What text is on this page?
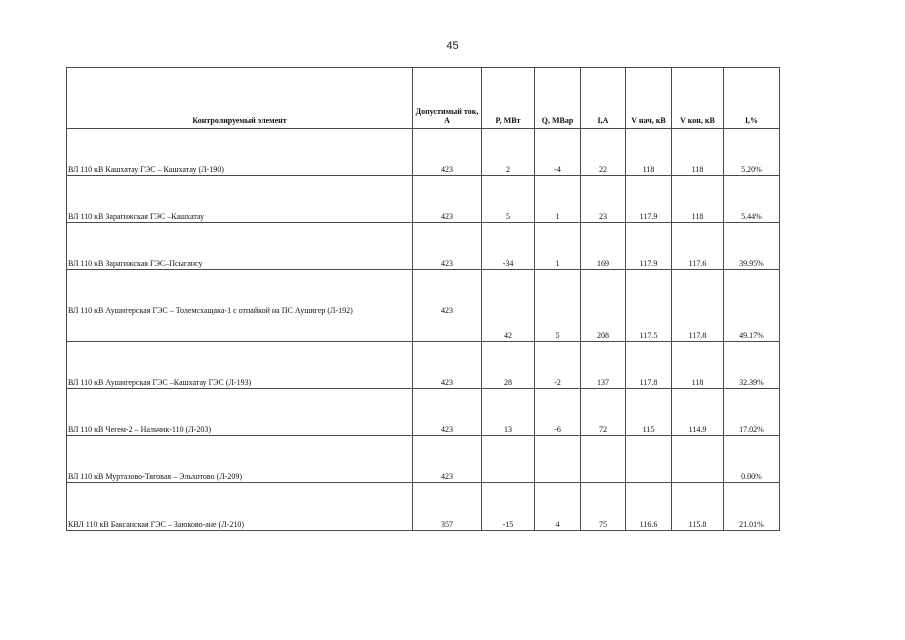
45
Контролируемый элемент	Допустимый ток, А	P, МВт	Q, МВар	I,А	V нач, кВ	V кон, кВ	I,%
ВЛ 110 кВ Кашхатау ГЭС – Кашхатау (Л-190)	423	2	-4	22	118	118	5.20%
ВЛ 110 кВ Зарагижская ГЭС –Кашхатау	423	5	1	23	117.9	118	5.44%
ВЛ 110 кВ Зарагижская ГЭС–Псыгансу	423	-34	1	169	117.9	117.6	39.95%
ВЛ 110 кВ Аушигерская ГЭС – Толемсхащака-1 с отпайкой на ПС Аушигер (Л-192)	423	42	5	208	117.5	117.8	49.17%
ВЛ 110 кВ Аушигерская ГЭС –Кашхатау ГЭС (Л-193)	423	28	-2	137	117.8	118	32.39%
ВЛ 110 кВ Чегем-2 – Нальчик-110 (Л-203)	423	13	-6	72	115	114.9	17.02%
ВЛ 110 кВ Муртазово-Тяговая – Эльхотово (Л-209)	423						0.00%
КВЛ 110 кВ Баксанская ГЭС – Заюково-ане (Л-210)	357	-15	4	75	116.6	115.8	21.01%
